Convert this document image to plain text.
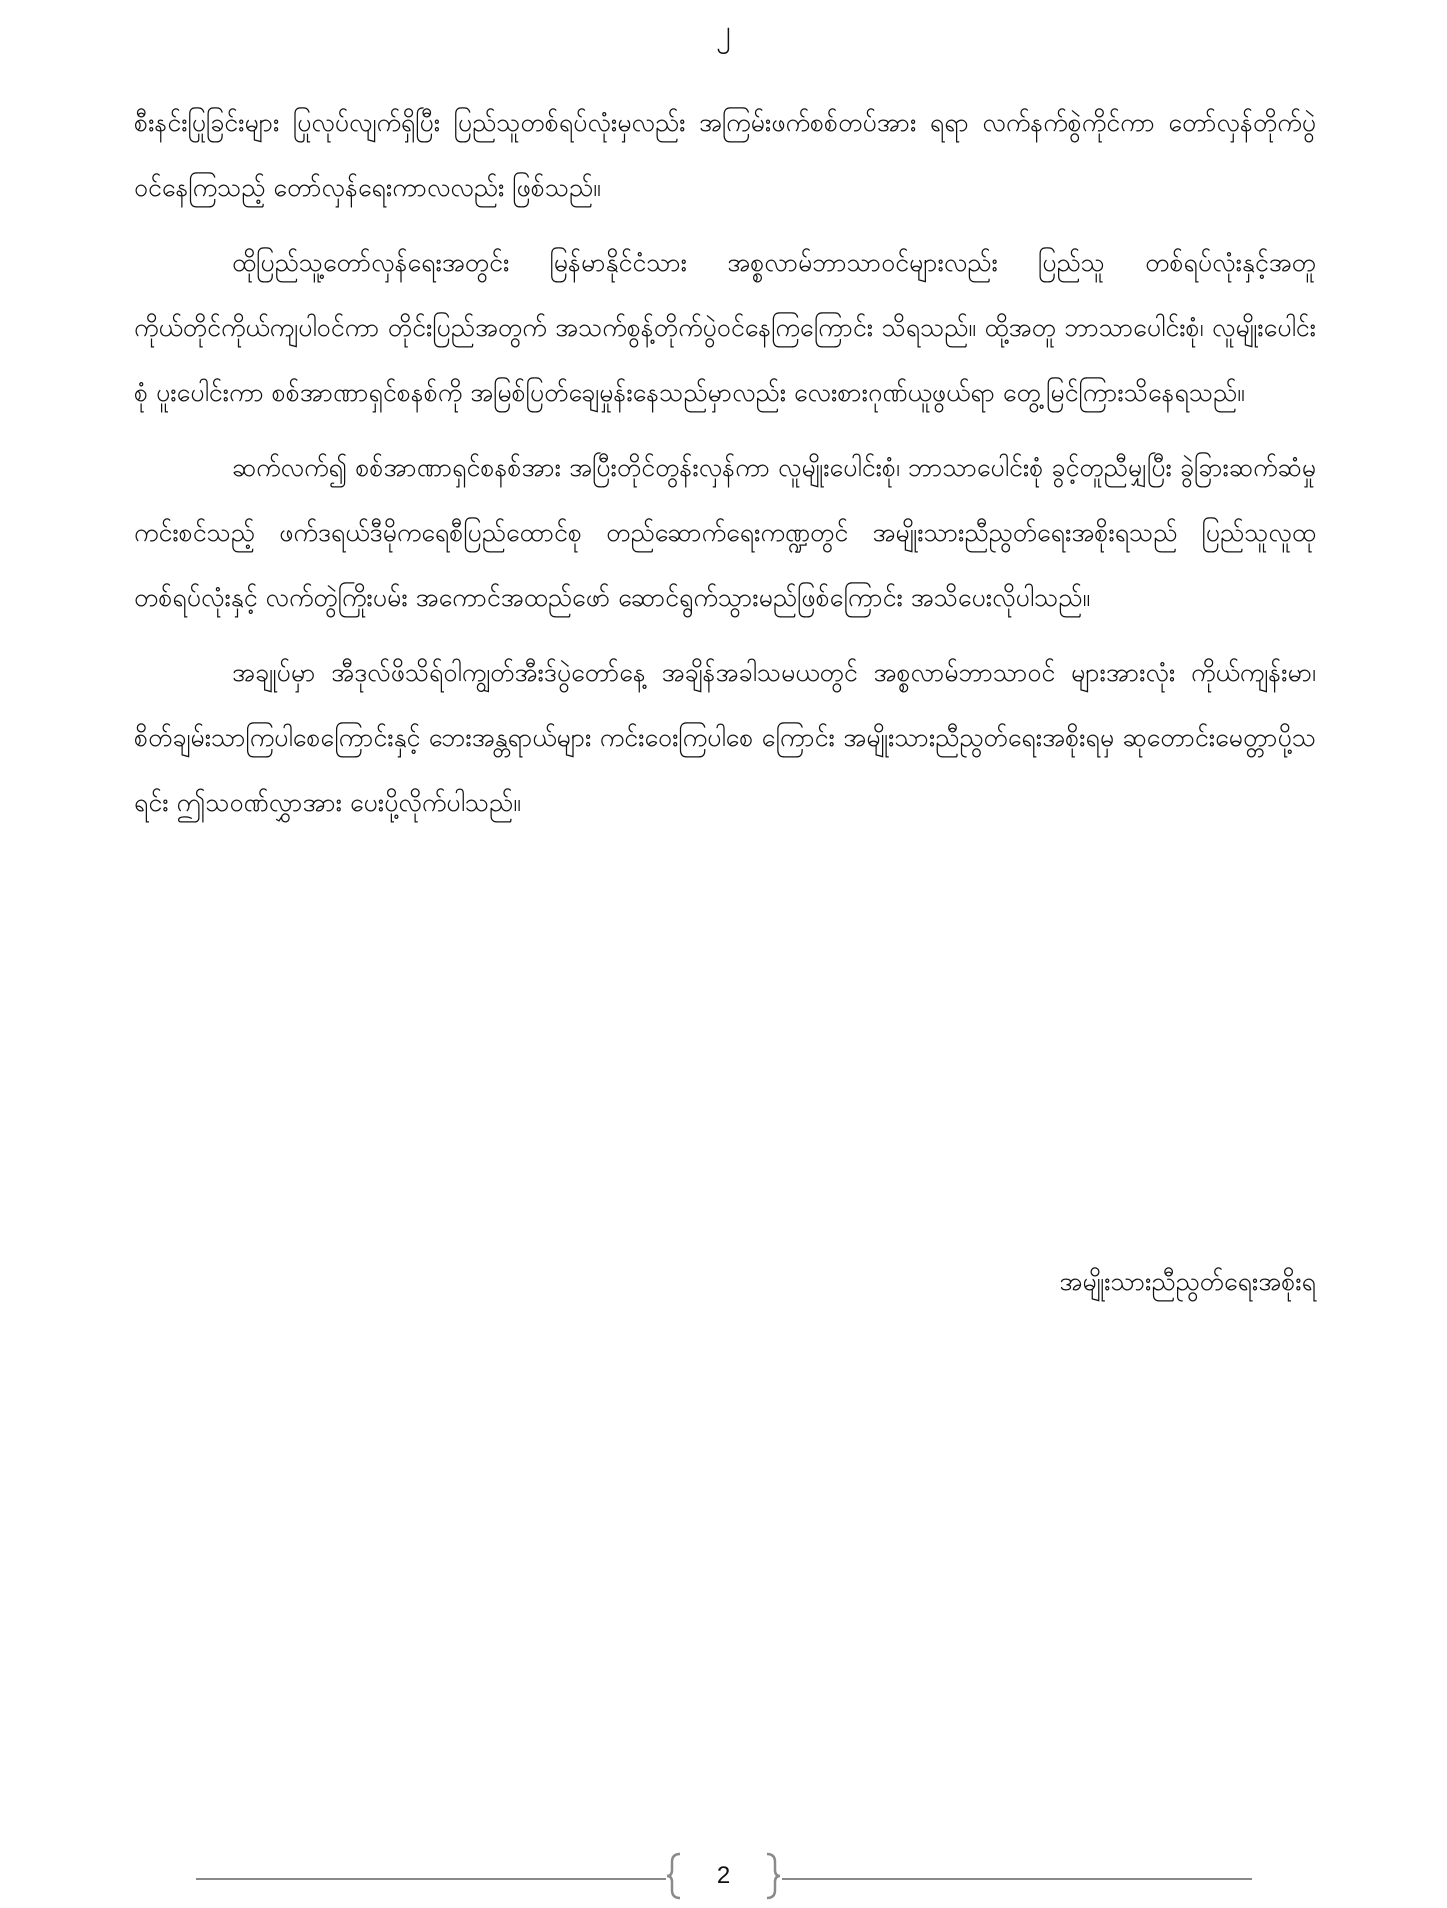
၂

စီးနင်းပြုခြင်းများ ပြုလုပ်လျက်ရှိပြီး ပြည်သူတစ်ရပ်လုံးမှလည်း အကြမ်းဖက်စစ်တပ်အား ရရာ လက်နက်စွဲကိုင်ကာ တော်လှန်တိုက်ပွဲဝင်နေကြသည့် တော်လှန်ရေးကာလလည်း ဖြစ်သည်။

ထိုပြည်သူ့တော်လှန်ရေးအတွင်း မြန်မာနိုင်ငံသား အစ္စလာမ်ဘာသာဝင်များလည်း ပြည်သူ တစ်ရပ်လုံးနှင့်အတူ ကိုယ်တိုင်ကိုယ်ကျပါဝင်ကာ တိုင်းပြည်အတွက် အသက်စွန့်တိုက်ပွဲဝင်နေကြကြောင်း သိရသည်။ ထို့အတူ ဘာသာပေါင်းစုံ၊ လူမျိုးပေါင်းစုံ ပူးပေါင်းကာ စစ်အာဏာရှင်စနစ်ကို အမြစ်ပြတ်ချေမှုန်းနေသည်မှာလည်း လေးစားဂုဏ်ယူဖွယ်ရာ တွေ့မြင်ကြားသိနေရသည်။

ဆက်လက်၍ စစ်အာဏာရှင်စနစ်အား အပြီးတိုင်တွန်းလှန်ကာ လူမျိုးပေါင်းစုံ၊ ဘာသာပေါင်းစုံ ခွင့်တူညီမျှပြီး ခွဲခြားဆက်ဆံမှုကင်းစင်သည့် ဖက်ဒရယ်ဒီမိုကရေစီပြည်ထောင်စု တည်ဆောက်ရေးကဏ္ဍတွင် အမျိုးသားညီညွတ်ရေးအစိုးရသည် ပြည်သူလူထုတစ်ရပ်လုံးနှင့် လက်တွဲကြိုးပမ်း အကောင်အထည်ဖော် ဆောင်ရွက်သွားမည်ဖြစ်ကြောင်း အသိပေးလိုပါသည်။

အချုပ်မှာ အီဒုလ်ဖိသိရ်ဝါကျွတ်အီးဒ်ပွဲတော်နေ့ အချိန်အခါသမယတွင် အစ္စလာမ်ဘာသာဝင် များအားလုံး ကိုယ်ကျန်းမာ၊ စိတ်ချမ်းသာကြပါစေကြောင်းနှင့် ဘေးအန္တရာယ်များ ကင်းဝေးကြပါစေ ကြောင်း အမျိုးသားညီညွတ်ရေးအစိုးရမှ ဆုတောင်းမေတ္တာပို့သရင်း ဤသဝဏ်လွှာအား ပေးပို့လိုက်ပါသည်။

အမျိုးသားညီညွတ်ရေးအစိုးရ
2
